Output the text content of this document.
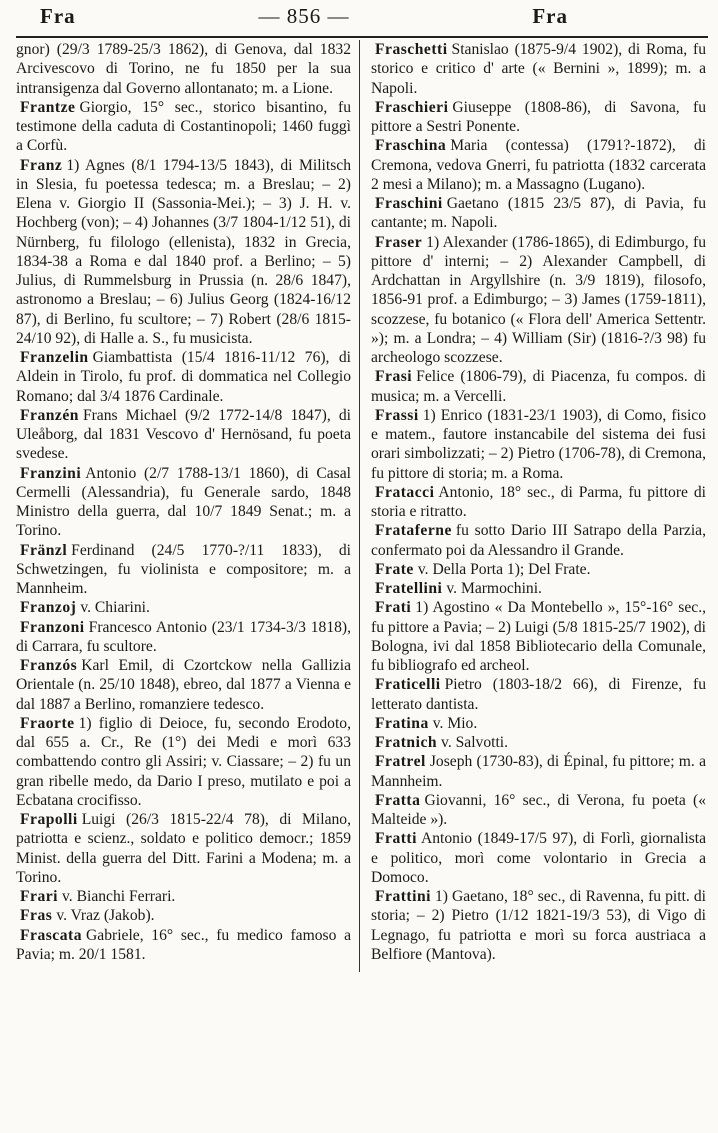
Fra	— 856 —	Fra

gnor) (29/3 1789-25/3 1862), di Genova, dal 1832 Arcivescovo di Torino, ne fu 1850 per la sua intransigenza dal Governo allontanato; m. a Lione.

Frantze Giorgio, 15° sec., storico bisantino, fu testimone della caduta di Costantinopoli; 1460 fuggì a Corfù.

Franz 1) Agnes (8/1 1794-13/5 1843), di Militsch in Slesia, fu poetessa tedesca; m. a Breslau; – 2) Elena v. Giorgio II (Sassonia-Mei.); – 3) J. H. v. Hochberg (von); – 4) Johannes (3/7 1804-1/12 51), di Nürnberg, fu filologo (ellenista), 1832 in Grecia, 1834-38 a Roma e dal 1840 prof. a Berlino; – 5) Julius, di Rummelsburg in Prussia (n. 28/6 1847), astronomo a Breslau; – 6) Julius Georg (1824-16/12 87), di Berlino, fu scultore; – 7) Robert (28/6 1815-24/10 92), di Halle a. S., fu musicista.

Franzelin Giambattista (15/4 1816-11/12 76), di Aldein in Tirolo, fu prof. di dommatica nel Collegio Romano; dal 3/4 1876 Cardinale.

Franzén Frans Michael (9/2 1772-14/8 1847), di Uleåborg, dal 1831 Vescovo d' Hernösand, fu poeta svedese.

Franzini Antonio (2/7 1788-13/1 1860), di Casal Cermelli (Alessandria), fu Generale sardo, 1848 Ministro della guerra, dal 10/7 1849 Senat.; m. a Torino.

Fränzl Ferdinand (24/5 1770-?/11 1833), di Schwetzingen, fu violinista e compositore; m. a Mannheim.

Franzoj v. Chiarini.

Franzoni Francesco Antonio (23/1 1734-3/3 1818), di Carrara, fu scultore.

Franzós Karl Emil, di Czortckow nella Gallizia Orientale (n. 25/10 1848), ebreo, dal 1877 a Vienna e dal 1887 a Berlino, romanziere tedesco.

Fraorte 1) figlio di Deioce, fu, secondo Erodoto, dal 655 a. Cr., Re (1°) dei Medi e morì 633 combattendo contro gli Assiri; v. Ciassare; – 2) fu un gran ribelle medo, da Dario I preso, mutilato e poi a Ecbatana crocifisso.

Frapolli Luigi (26/3 1815-22/4 78), di Milano, patriotta e scienz., soldato e politico democr.; 1859 Minist. della guerra del Ditt. Farini a Modena; m. a Torino.

Frari v. Bianchi Ferrari.

Fras v. Vraz (Jakob).

Frascata Gabriele, 16° sec., fu medico famoso a Pavia; m. 20/1 1581.

Fraschetti Stanislao (1875-9/4 1902), di Roma, fu storico e critico d' arte (« Bernini », 1899); m. a Napoli.

Fraschieri Giuseppe (1808-86), di Savona, fu pittore a Sestri Ponente.

Fraschina Maria (contessa) (1791?-1872), di Cremona, vedova Gnerri, fu patriotta (1832 carcerata 2 mesi a Milano); m. a Massagno (Lugano).

Fraschini Gaetano (1815 23/5 87), di Pavia, fu cantante; m. Napoli.

Fraser 1) Alexander (1786-1865), di Edimburgo, fu pittore d' interni; – 2) Alexander Campbell, di Ardchattan in Argyllshire (n. 3/9 1819), filosofo, 1856-91 prof. a Edimburgo; – 3) James (1759-1811), scozzese, fu botanico (« Flora dell' America Settentr. »); m. a Londra; – 4) William (Sir) (1816-?/3 98) fu archeologo scozzese.

Frasi Felice (1806-79), di Piacenza, fu compos. di musica; m. a Vercelli.

Frassi 1) Enrico (1831-23/1 1903), di Como, fisico e matem., fautore instancabile del sistema dei fusi orari simbolizzati; – 2) Pietro (1706-78), di Cremona, fu pittore di storia; m. a Roma.

Fratacci Antonio, 18° sec., di Parma, fu pittore di storia e ritratto.

Frataferne fu sotto Dario III Satrapo della Parzia, confermato poi da Alessandro il Grande.

Frate v. Della Porta 1); Del Frate.

Fratellini v. Marmochini.

Frati 1) Agostino « Da Montebello », 15°-16° sec., fu pittore a Pavia; – 2) Luigi (5/8 1815-25/7 1902), di Bologna, ivi dal 1858 Bibliotecario della Comunale, fu bibliografo ed archeol.

Fraticelli Pietro (1803-18/2 66), di Firenze, fu letterato dantista.

Fratina v. Mio.

Fratnich v. Salvotti.

Fratrel Joseph (1730-83), di Épinal, fu pittore; m. a Mannheim.

Fratta Giovanni, 16° sec., di Verona, fu poeta (« Malteide »).

Fratti Antonio (1849-17/5 97), di Forlì, giornalista e politico, morì come volontario in Grecia a Domoco.

Frattini 1) Gaetano, 18° sec., di Ravenna, fu pitt. di storia; – 2) Pietro (1/12 1821-19/3 53), di Vigo di Legnago, fu patriotta e morì su forca austriaca a Belfiore (Mantova).
